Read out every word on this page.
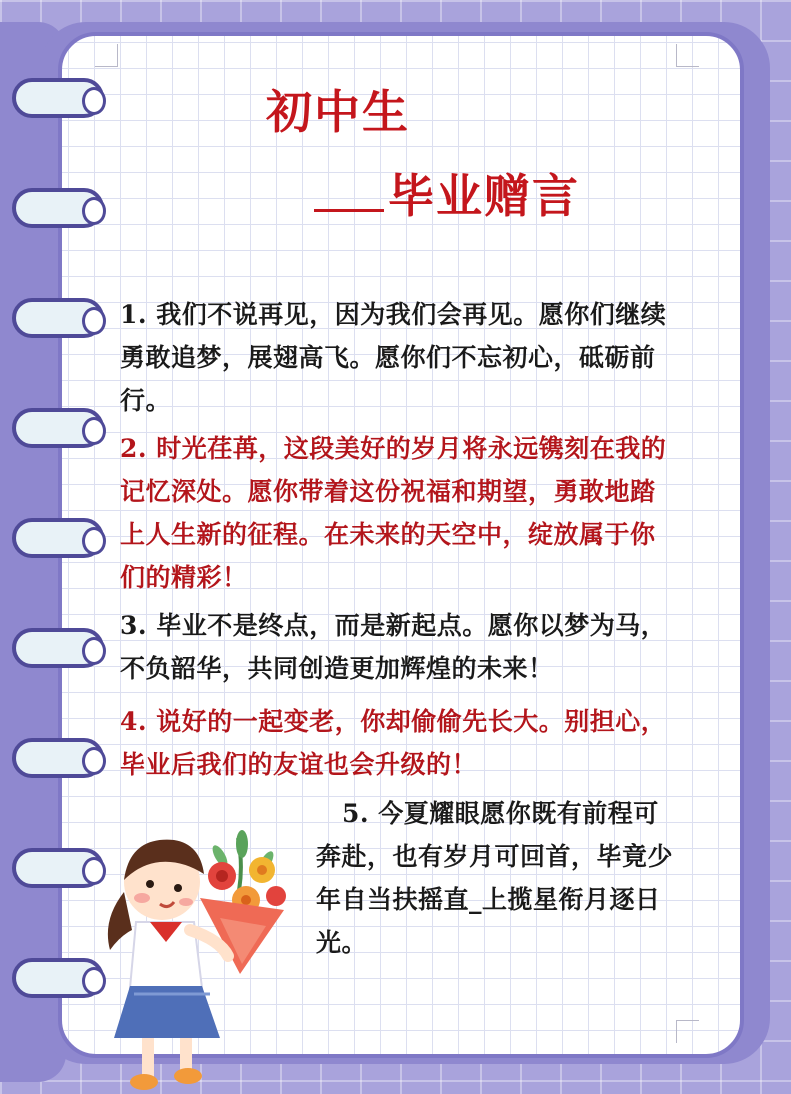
初中生
毕业赠言

1. 我们不说再见，因为我们会再见。愿你们继续勇敢追梦，展翅高飞。愿你们不忘初心，砥砺前行。

2. 时光荏苒，这段美好的岁月将永远镌刻在我的记忆深处。愿你带着这份祝福和期望，勇敢地踏上人生新的征程。在未来的天空中，绽放属于你们的精彩！

3. 毕业不是终点，而是新起点。愿你以梦为马，不负韶华，共同创造更加辉煌的未来！

4. 说好的一起变老，你却偷偷先长大。别担心，毕业后我们的友谊也会升级的！

5. 今夏耀眼愿你既有前程可奔赴，也有岁月可回首，毕竟少年自当扶摇直_上揽星衔月逐日光。
